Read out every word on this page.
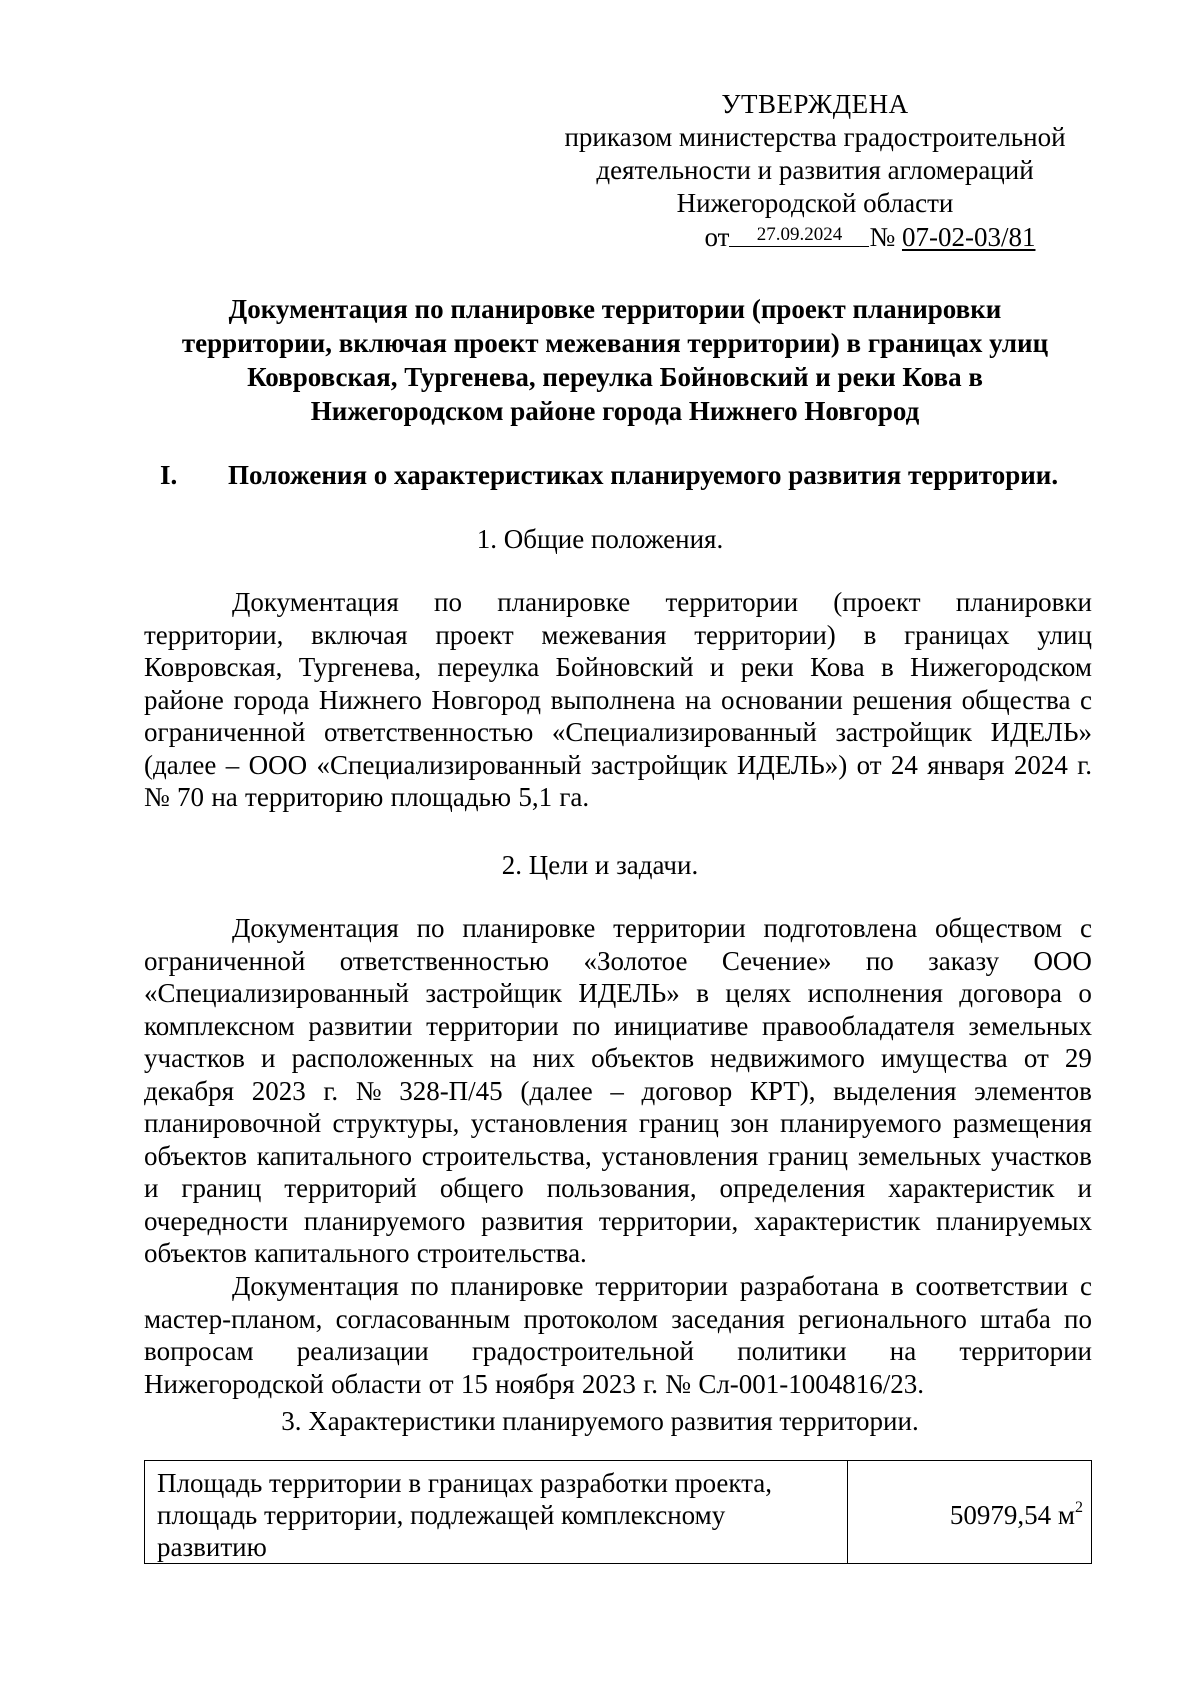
УТВЕРЖДЕНА
приказом министерства градостроительной
деятельности и развития агломераций
Нижегородской области
от 27.09.2024 № 07-02-03/81
Документация по планировке территории (проект планировки
территории, включая проект межевания территории) в границах улиц
Ковровская, Тургенева, переулка Бойновский и реки Кова в
Нижегородском районе города Нижнего Новгород
I. Положения о характеристиках планируемого развития территории.
1. Общие положения.
Документация по планировке территории (проект планировки
территории, включая проект межевания территории) в границах улиц
Ковровская, Тургенева, переулка Бойновский и реки Кова в Нижегородском
районе города Нижнего Новгород выполнена на основании решения общества с
ограниченной ответственностью «Специализированный застройщик ИДЕЛЬ»
(далее – ООО «Специализированный застройщик ИДЕЛЬ») от 24 января 2024 г.
№ 70 на территорию площадью 5,1 га.
2. Цели и задачи.
Документация по планировке территории подготовлена обществом с
ограниченной ответственностью «Золотое Сечение» по заказу ООО
«Специализированный застройщик ИДЕЛЬ» в целях исполнения договора о
комплексном развитии территории по инициативе правообладателя земельных
участков и расположенных на них объектов недвижимого имущества от 29
декабря 2023 г. № 328-П/45 (далее – договор КРТ), выделения элементов
планировочной структуры, установления границ зон планируемого размещения
объектов капитального строительства, установления границ земельных участков
и границ территорий общего пользования, определения характеристик и
очередности планируемого развития территории, характеристик планируемых
объектов капитального строительства.
Документация по планировке территории разработана в соответствии с
мастер-планом, согласованным протоколом заседания регионального штаба по
вопросам реализации градостроительной политики на территории
Нижегородской области от 15 ноября 2023 г. № Сл-001-1004816/23.
3. Характеристики планируемого развития территории.
Площадь территории в границах разработки проекта,
площадь территории, подлежащей комплексному
развитию
	50979,54 $м^2$
